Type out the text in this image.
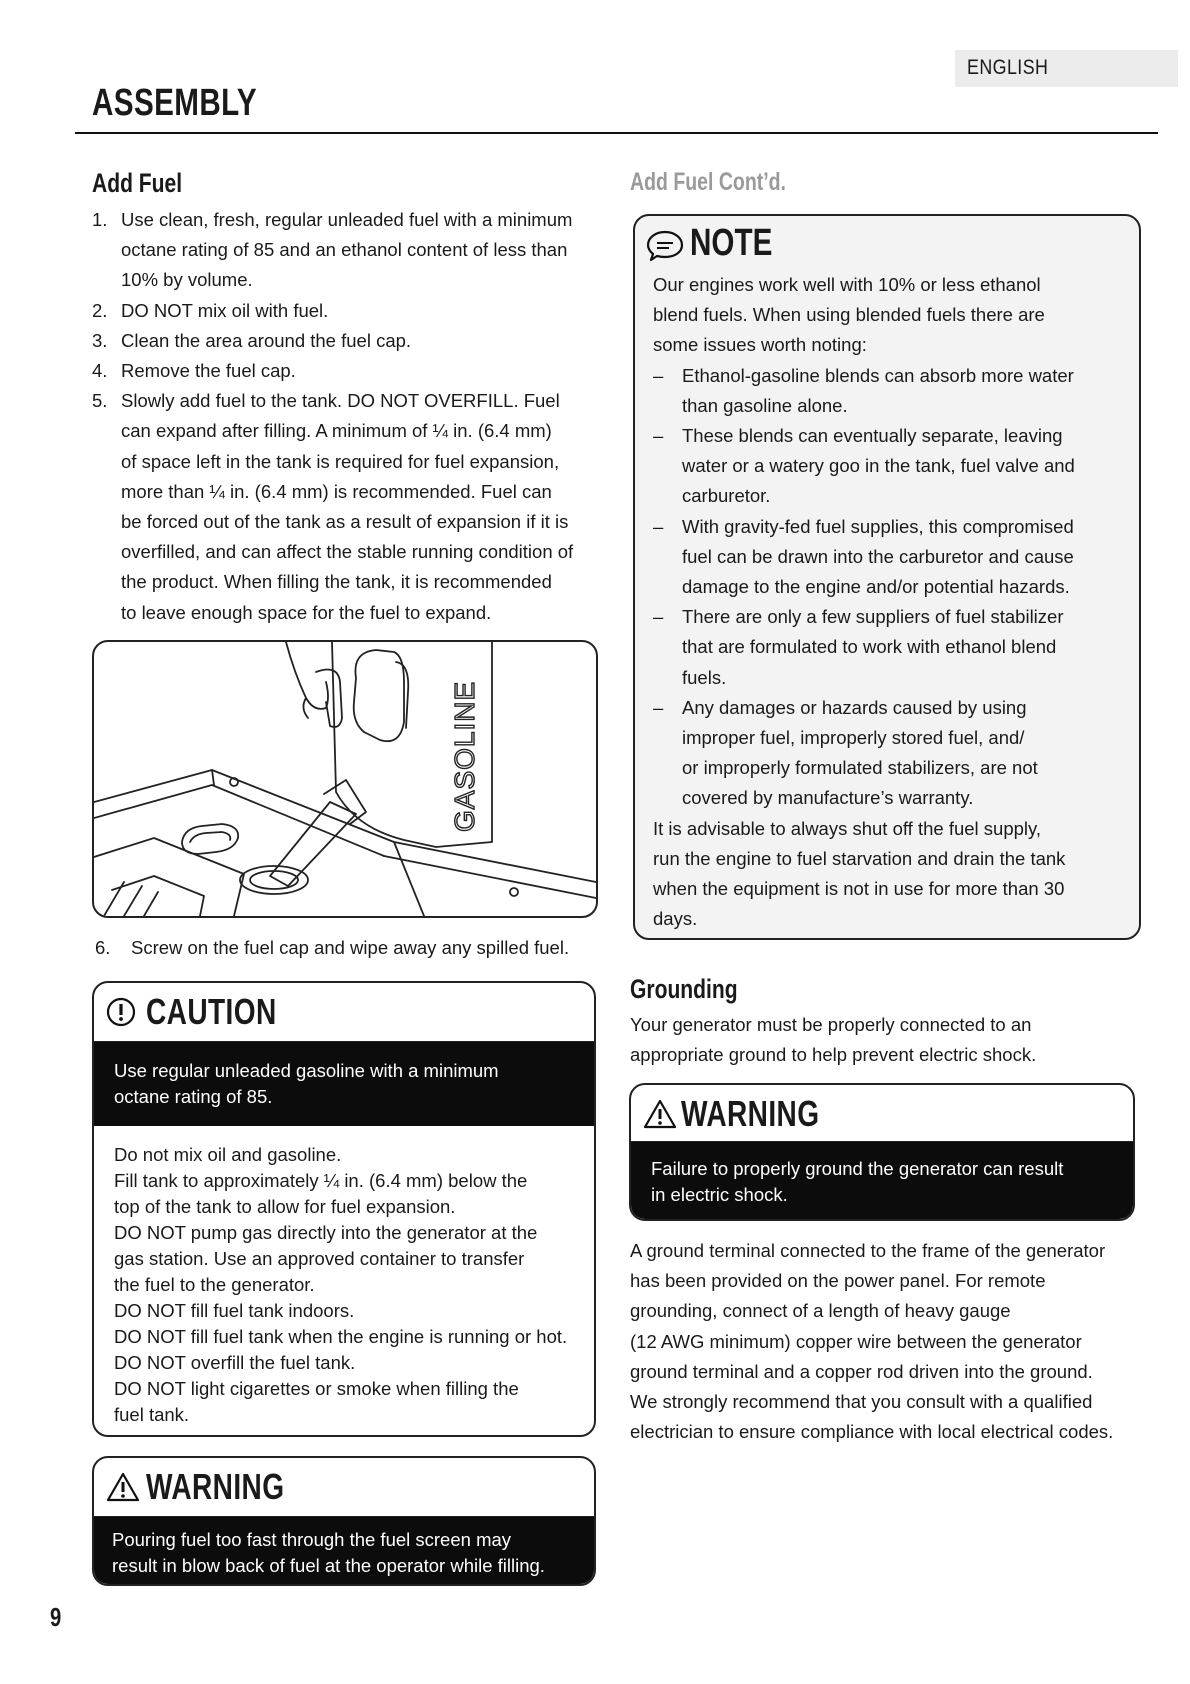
ENGLISH
ASSEMBLY
Add Fuel
1. Use clean, fresh, regular unleaded fuel with a minimum
octane rating of 85 and an ethanol content of less than
10% by volume.
2. DO NOT mix oil with fuel.
3. Clean the area around the fuel cap.
4. Remove the fuel cap.
5. Slowly add fuel to the tank. DO NOT OVERFILL. Fuel
can expand after filling. A minimum of ¼ in. (6.4 mm)
of space left in the tank is required for fuel expansion,
more than ¼ in. (6.4 mm) is recommended. Fuel can
be forced out of the tank as a result of expansion if it is
overfilled, and can affect the stable running condition of
the product. When filling the tank, it is recommended
to leave enough space for the fuel to expand.
GASOLINE
6. Screw on the fuel cap and wipe away any spilled fuel.
CAUTION
Use regular unleaded gasoline with a minimum
octane rating of 85.
Do not mix oil and gasoline.
Fill tank to approximately ¼ in. (6.4 mm) below the
top of the tank to allow for fuel expansion.
DO NOT pump gas directly into the generator at the
gas station. Use an approved container to transfer
the fuel to the generator.
DO NOT fill fuel tank indoors.
DO NOT fill fuel tank when the engine is running or hot.
DO NOT overfill the fuel tank.
DO NOT light cigarettes or smoke when filling the
fuel tank.
WARNING
Pouring fuel too fast through the fuel screen may
result in blow back of fuel at the operator while filling.
Add Fuel Cont’d.
NOTE
Our engines work well with 10% or less ethanol
blend fuels. When using blended fuels there are
some issues worth noting:
– Ethanol-gasoline blends can absorb more water
than gasoline alone.
– These blends can eventually separate, leaving
water or a watery goo in the tank, fuel valve and
carburetor.
– With gravity-fed fuel supplies, this compromised
fuel can be drawn into the carburetor and cause
damage to the engine and/or potential hazards.
– There are only a few suppliers of fuel stabilizer
that are formulated to work with ethanol blend
fuels.
– Any damages or hazards caused by using
improper fuel, improperly stored fuel, and/
or improperly formulated stabilizers, are not
covered by manufacture’s warranty.
It is advisable to always shut off the fuel supply,
run the engine to fuel starvation and drain the tank
when the equipment is not in use for more than 30
days.
Grounding
Your generator must be properly connected to an
appropriate ground to help prevent electric shock.
WARNING
Failure to properly ground the generator can result
in electric shock.
A ground terminal connected to the frame of the generator
has been provided on the power panel. For remote
grounding, connect of a length of heavy gauge
(12 AWG minimum) copper wire between the generator
ground terminal and a copper rod driven into the ground.
We strongly recommend that you consult with a qualified
electrician to ensure compliance with local electrical codes.
9
